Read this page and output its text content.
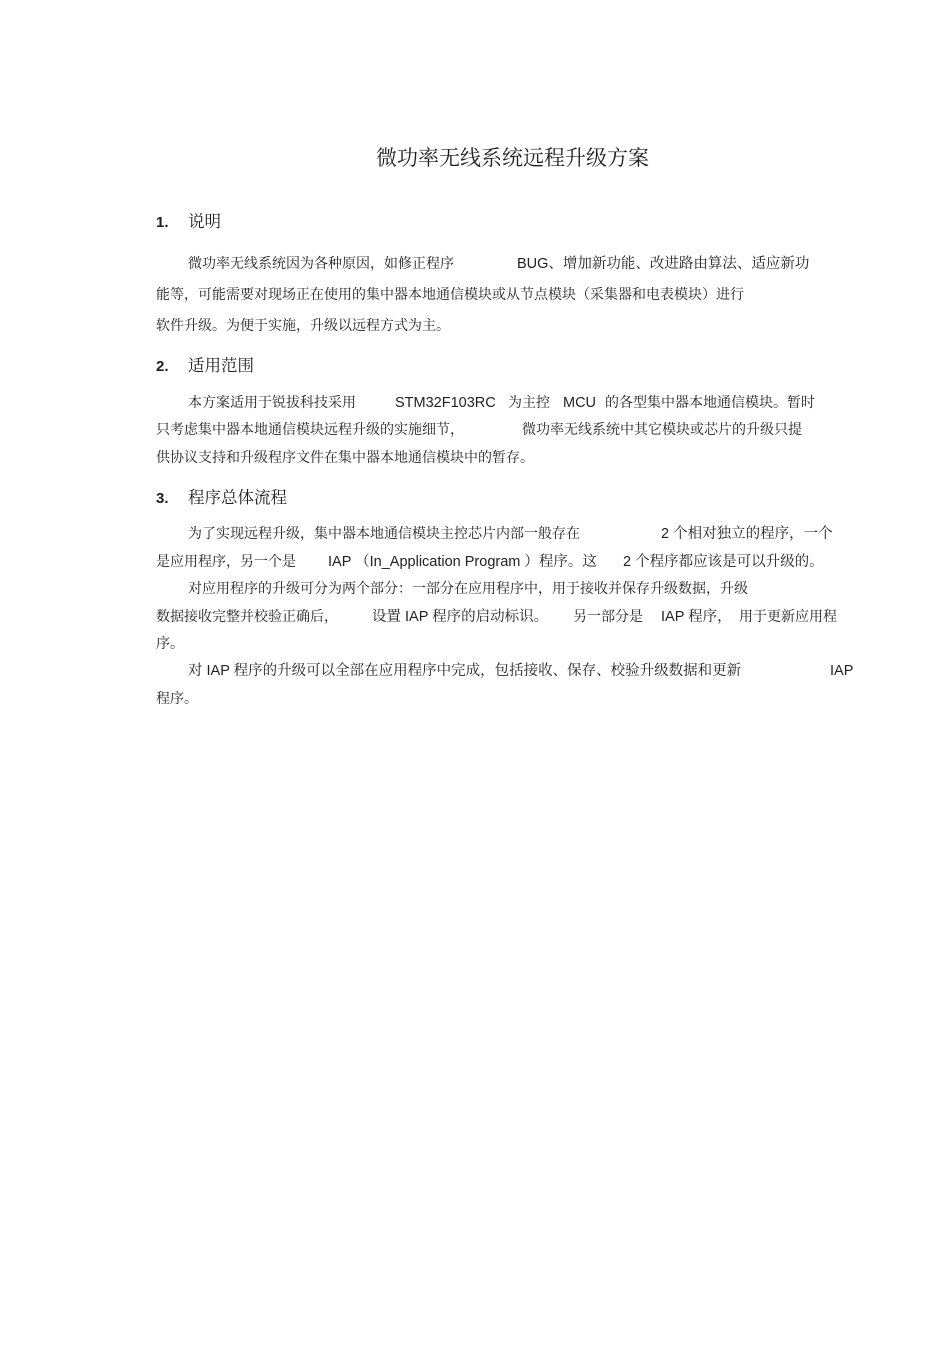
微功率无线系统远程升级方案
1. 说明
微功率无线系统因为各种原因，如修正程序	BUG、增加新功能、改进路由算法、适应新功
能等，可能需要对现场正在使用的集中器本地通信模块或从节点模块（采集器和电表模块）进行
软件升级。为便于实施，升级以远程方式为主。
2. 适用范围
本方案适用于锐拔科技采用	STM32F103RC 为主控 MCU 的各型集中器本地通信模块。暂时
只考虑集中器本地通信模块远程升级的实施细节，	微功率无线系统中其它模块或芯片的升级只提
供协议支持和升级程序文件在集中器本地通信模块中的暂存。
3. 程序总体流程
为了实现远程升级，集中器本地通信模块主控芯片内部一般存在	2 个相对独立的程序，一个
是应用程序，另一个是 IAP （In_Application Program ）程序。这 2 个程序都应该是可以升级的。
对应用程序的升级可分为两个部分：一部分在应用程序中，用于接收并保存升级数据，升级
数据接收完整并校验正确后， 设置 IAP 程序的启动标识。 另一部分是 IAP 程序， 用于更新应用程
序。
对 IAP 程序的升级可以全部在应用程序中完成，包括接收、保存、校验升级数据和更新	IAP
程序。
